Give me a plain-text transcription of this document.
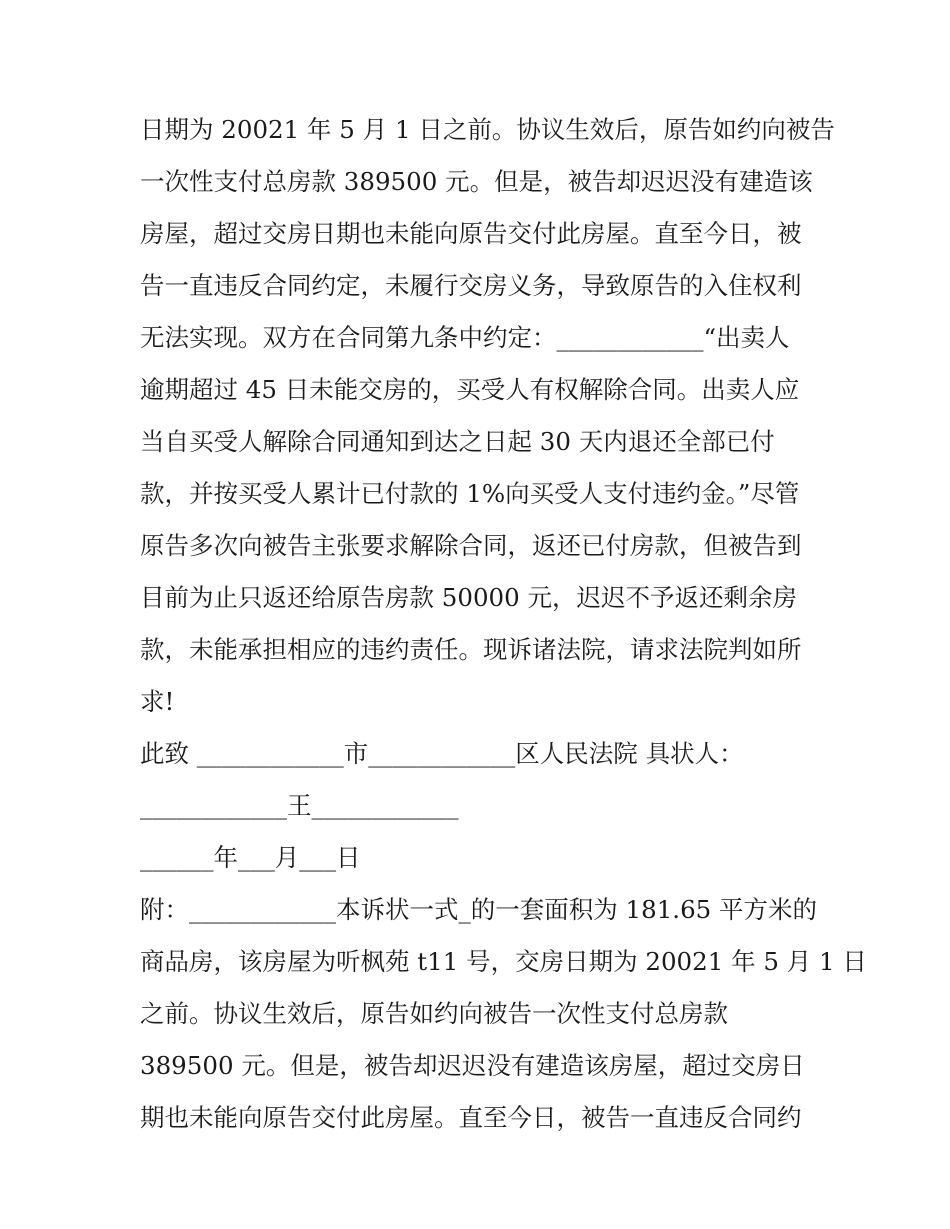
日期为 20021 年 5 月 1 日之前。协议生效后，原告如约向被告

一次性支付总房款 389500 元。但是，被告却迟迟没有建造该

房屋，超过交房日期也未能向原告交付此房屋。直至今日，被

告一直违反合同约定，未履行交房义务，导致原告的入住权利

无法实现。双方在合同第九条中约定：____________“出卖人

逾期超过 45 日未能交房的，买受人有权解除合同。出卖人应

当自买受人解除合同通知到达之日起 30 天内退还全部已付

款，并按买受人累计已付款的 1%向买受人支付违约金。”尽管

原告多次向被告主张要求解除合同，返还已付房款，但被告到

目前为止只返还给原告房款 50000 元，迟迟不予返还剩余房

款，未能承担相应的违约责任。现诉诸法院，请求法院判如所

求!

此致 ____________市____________区人民法院 具状人：

____________王____________

______年___月___日

附：____________本诉状一式_的一套面积为 181.65 平方米的

商品房，该房屋为听枫苑 t11 号，交房日期为 20021 年 5 月 1 日

之前。协议生效后，原告如约向被告一次性支付总房款

389500 元。但是，被告却迟迟没有建造该房屋，超过交房日

期也未能向原告交付此房屋。直至今日，被告一直违反合同约
